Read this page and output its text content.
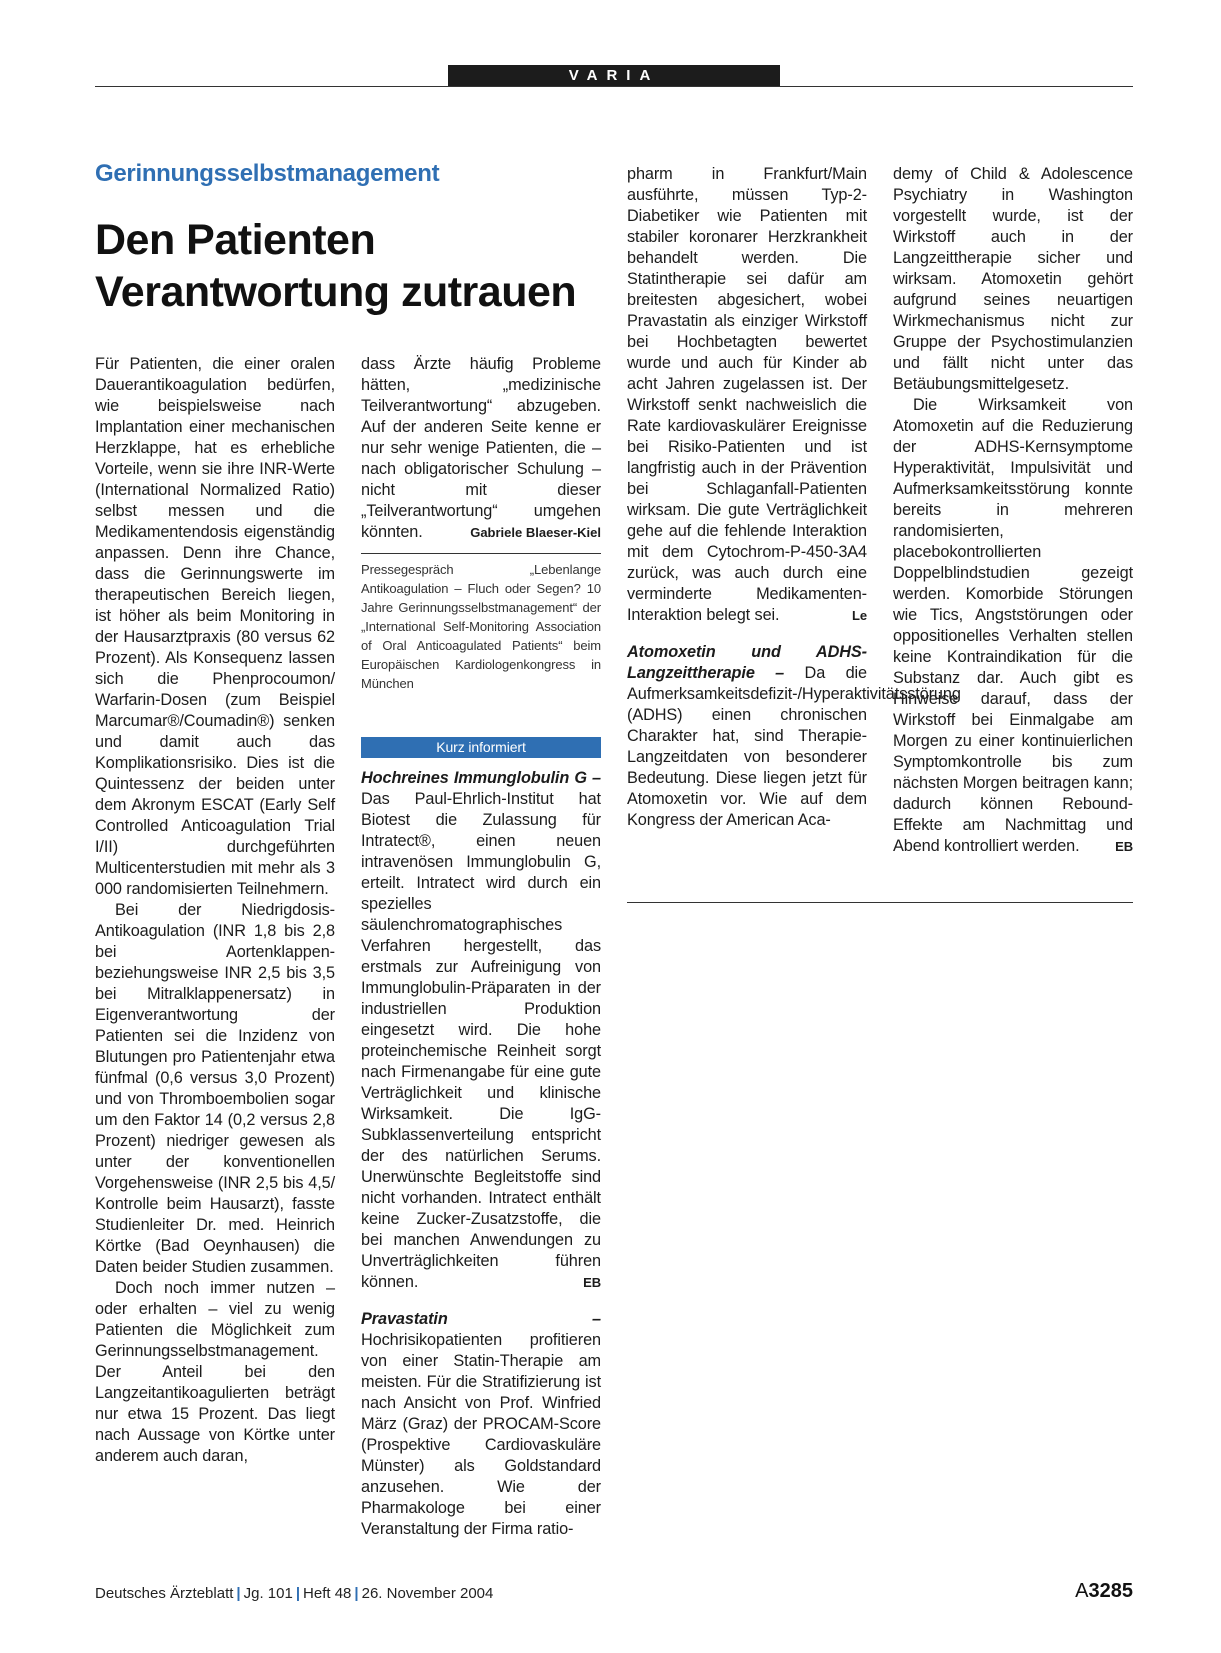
VARIA
Gerinnungsselbstmanagement
Den Patienten
Verantwortung zutrauen

Für Patienten, die einer oralen Dauerantikoagulation bedürfen, wie beispielsweise nach Implantation einer mechanischen Herzklappe, hat es erhebliche Vorteile, wenn sie ihre INR-Werte (International Normalized Ratio) selbst messen und die Medikamentendosis eigenständig anpassen. Denn ihre Chance, dass die Gerinnungswerte im therapeutischen Bereich liegen, ist höher als beim Monitoring in der Hausarztpraxis (80 versus 62 Prozent). Als Konsequenz lassen sich die Phenprocoumon/ Warfarin-Dosen (zum Beispiel Marcumar®/Coumadin®) senken und damit auch das Komplikationsrisiko. Dies ist die Quintessenz der beiden unter dem Akronym ESCAT (Early Self Controlled Anticoagulation Trial I/II) durchgeführten Multicenterstudien mit mehr als 3 000 randomisierten Teilnehmern.

Bei der Niedrigdosis-Antikoagulation (INR 1,8 bis 2,8 bei Aortenklappen- beziehungsweise INR 2,5 bis 3,5 bei Mitralklappenersatz) in Eigenverantwortung der Patienten sei die Inzidenz von Blutungen pro Patientenjahr etwa fünfmal (0,6 versus 3,0 Prozent) und von Thromboembolien sogar um den Faktor 14 (0,2 versus 2,8 Prozent) niedriger gewesen als unter der konventionellen Vorgehensweise (INR 2,5 bis 4,5/ Kontrolle beim Hausarzt), fasste Studienleiter Dr. med. Heinrich Körtke (Bad Oeynhausen) die Daten beider Studien zusammen.

Doch noch immer nutzen – oder erhalten – viel zu wenig Patienten die Möglichkeit zum Gerinnungsselbstmanagement. Der Anteil bei den Langzeitantikoagulierten beträgt nur etwa 15 Prozent. Das liegt nach Aussage von Körtke unter anderem auch daran,

dass Ärzte häufig Probleme hätten, „medizinische Teilverantwortung“ abzugeben. Auf der anderen Seite kenne er nur sehr wenige Patienten, die – nach obligatorischer Schulung – nicht mit dieser „Teilverantwortung“ umgehen könnten.	Gabriele Blaeser-Kiel

Pressegespräch „Lebenlange Antikoagulation – Fluch oder Segen? 10 Jahre Gerinnungsselbstmanagement“ der „International Self-Monitoring Association of Oral Anticoagulated Patients“ beim Europäischen Kardiologenkongress in München
Kurz informiert

Hochreines Immunglobulin G – Das Paul-Ehrlich-Institut hat Biotest die Zulassung für Intratect®, einen neuen intravenösen Immunglobulin G, erteilt. Intratect wird durch ein spezielles säulenchromatographisches Verfahren hergestellt, das erstmals zur Aufreinigung von Immunglobulin-Präparaten in der industriellen Produktion eingesetzt wird. Die hohe proteinchemische Reinheit sorgt nach Firmenangabe für eine gute Verträglichkeit und klinische Wirksamkeit. Die IgG-Subklassenverteilung entspricht der des natürlichen Serums. Unerwünschte Begleitstoffe sind nicht vorhanden. Intratect enthält keine Zucker-Zusatzstoffe, die bei manchen Anwendungen zu Unverträglichkeiten führen können.	EB

Pravastatin – Hochrisikopatienten profitieren von einer Statin-Therapie am meisten. Für die Stratifizierung ist nach Ansicht von Prof. Winfried März (Graz) der PROCAM-Score (Prospektive Cardiovaskuläre Münster) als Goldstandard anzusehen. Wie der Pharmakologe bei einer Veranstaltung der Firma ratio-

pharm in Frankfurt/Main ausführte, müssen Typ-2-Diabetiker wie Patienten mit stabiler koronarer Herzkrankheit behandelt werden. Die Statintherapie sei dafür am breitesten abgesichert, wobei Pravastatin als einziger Wirkstoff bei Hochbetagten bewertet wurde und auch für Kinder ab acht Jahren zugelassen ist. Der Wirkstoff senkt nachweislich die Rate kardiovaskulärer Ereignisse bei Risiko-Patienten und ist langfristig auch in der Prävention bei Schlaganfall-Patienten wirksam. Die gute Verträglichkeit gehe auf die fehlende Interaktion mit dem Cytochrom-P-450-3A4 zurück, was auch durch eine verminderte Medikamenten-Interaktion belegt sei.	Le

Atomoxetin und ADHS-Langzeittherapie – Da die Aufmerksamkeitsdefizit-/Hyperaktivitätsstörung (ADHS) einen chronischen Charakter hat, sind Therapie-Langzeitdaten von besonderer Bedeutung. Diese liegen jetzt für Atomoxetin vor. Wie auf dem Kongress der American Aca-

demy of Child & Adolescence Psychiatry in Washington vorgestellt wurde, ist der Wirkstoff auch in der Langzeittherapie sicher und wirksam. Atomoxetin gehört aufgrund seines neuartigen Wirkmechanismus nicht zur Gruppe der Psychostimulanzien und fällt nicht unter das Betäubungsmittelgesetz.

Die Wirksamkeit von Atomoxetin auf die Reduzierung der ADHS-Kernsymptome Hyperaktivität, Impulsivität und Aufmerksamkeitsstörung konnte bereits in mehreren randomisierten, placebokontrollierten Doppelblindstudien gezeigt werden. Komorbide Störungen wie Tics, Angststörungen oder oppositionelles Verhalten stellen keine Kontraindikation für die Substanz dar. Auch gibt es Hinweise darauf, dass der Wirkstoff bei Einmalgabe am Morgen zu einer kontinuierlichen Symptomkontrolle bis zum nächsten Morgen beitragen kann; dadurch können Rebound-Effekte am Nachmittag und Abend kontrolliert werden.	EB

Deutsches Ärzteblatt | Jg. 101 | Heft 48 | 26. November 2004	A3285
